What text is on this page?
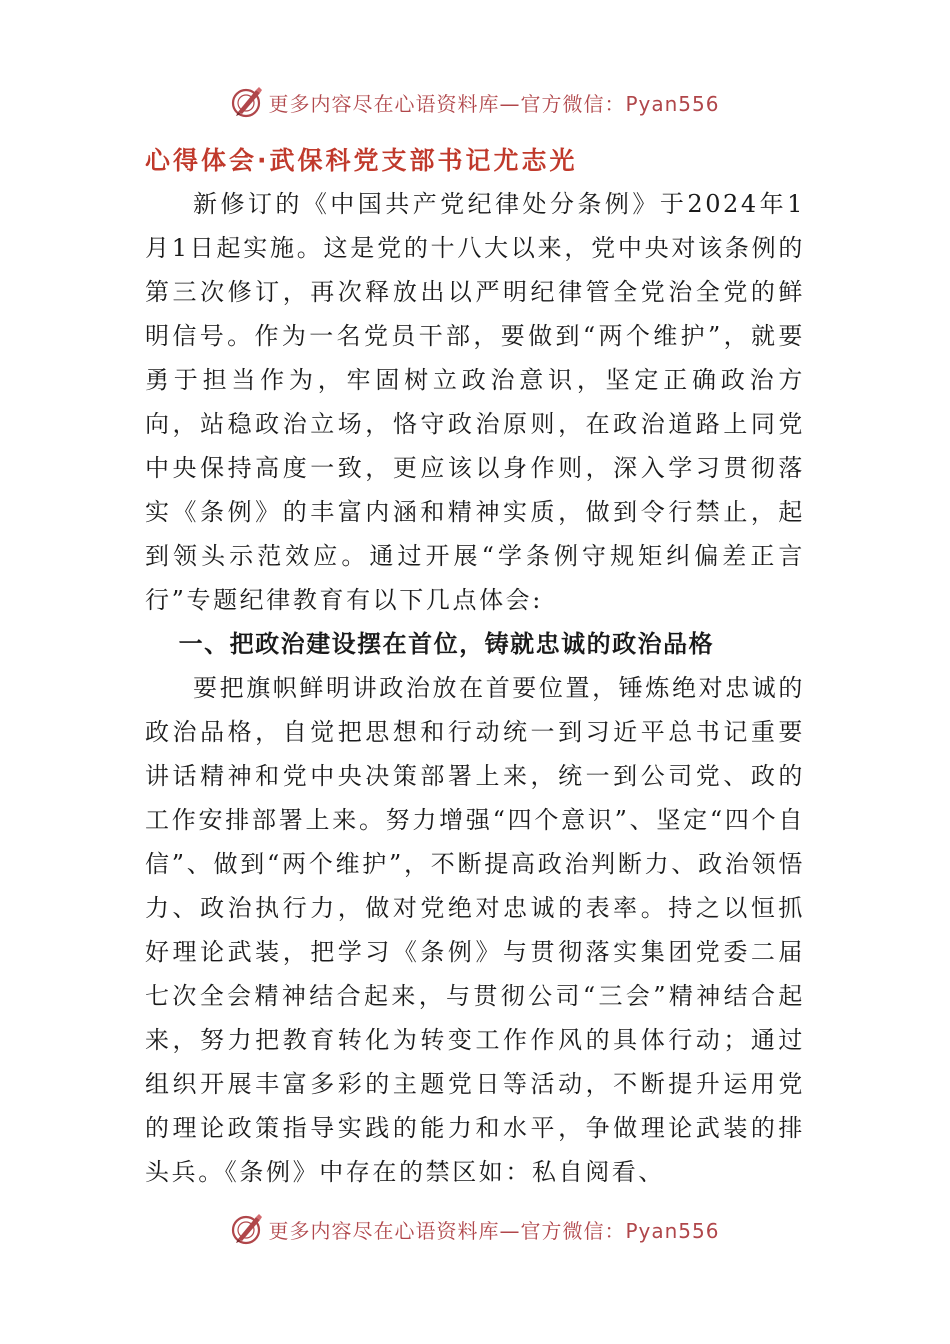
更多内容尽在心语资料库—官方微信：Pyan556
心得体会·武保科党支部书记尤志光

新修订的《中国共产党纪律处分条例》于2024年1月1日起实施。这是党的十八大以来，党中央对该条例的第三次修订，再次释放出以严明纪律管全党治全党的鲜明信号。作为一名党员干部，要做到“两个维护”，就要勇于担当作为，牢固树立政治意识，坚定正确政治方向，站稳政治立场，恪守政治原则，在政治道路上同党中央保持高度一致，更应该以身作则，深入学习贯彻落实《条例》的丰富内涵和精神实质，做到令行禁止，起到领头示范效应。通过开展“学条例守规矩纠偏差正言行”专题纪律教育有以下几点体会:

一、把政治建设摆在首位，铸就忠诚的政治品格

要把旗帜鲜明讲政治放在首要位置，锤炼绝对忠诚的政治品格，自觉把思想和行动统一到习近平总书记重要讲话精神和党中央决策部署上来，统一到公司党、政的工作安排部署上来。努力增强“四个意识”、坚定“四个自信”、做到“两个维护”，不断提高政治判断力、政治领悟力、政治执行力，做对党绝对忠诚的表率。持之以恒抓好理论武装，把学习《条例》与贯彻落实集团党委二届七次全会精神结合起来，与贯彻公司“三会”精神结合起来，努力把教育转化为转变工作作风的具体行动；通过组织开展丰富多彩的主题党日等活动，不断提升运用党的理论政策指导实践的能力和水平，争做理论武装的排头兵。《条例》中存在的禁区如：私自阅看、

更多内容尽在心语资料库—官方微信：Pyan556
